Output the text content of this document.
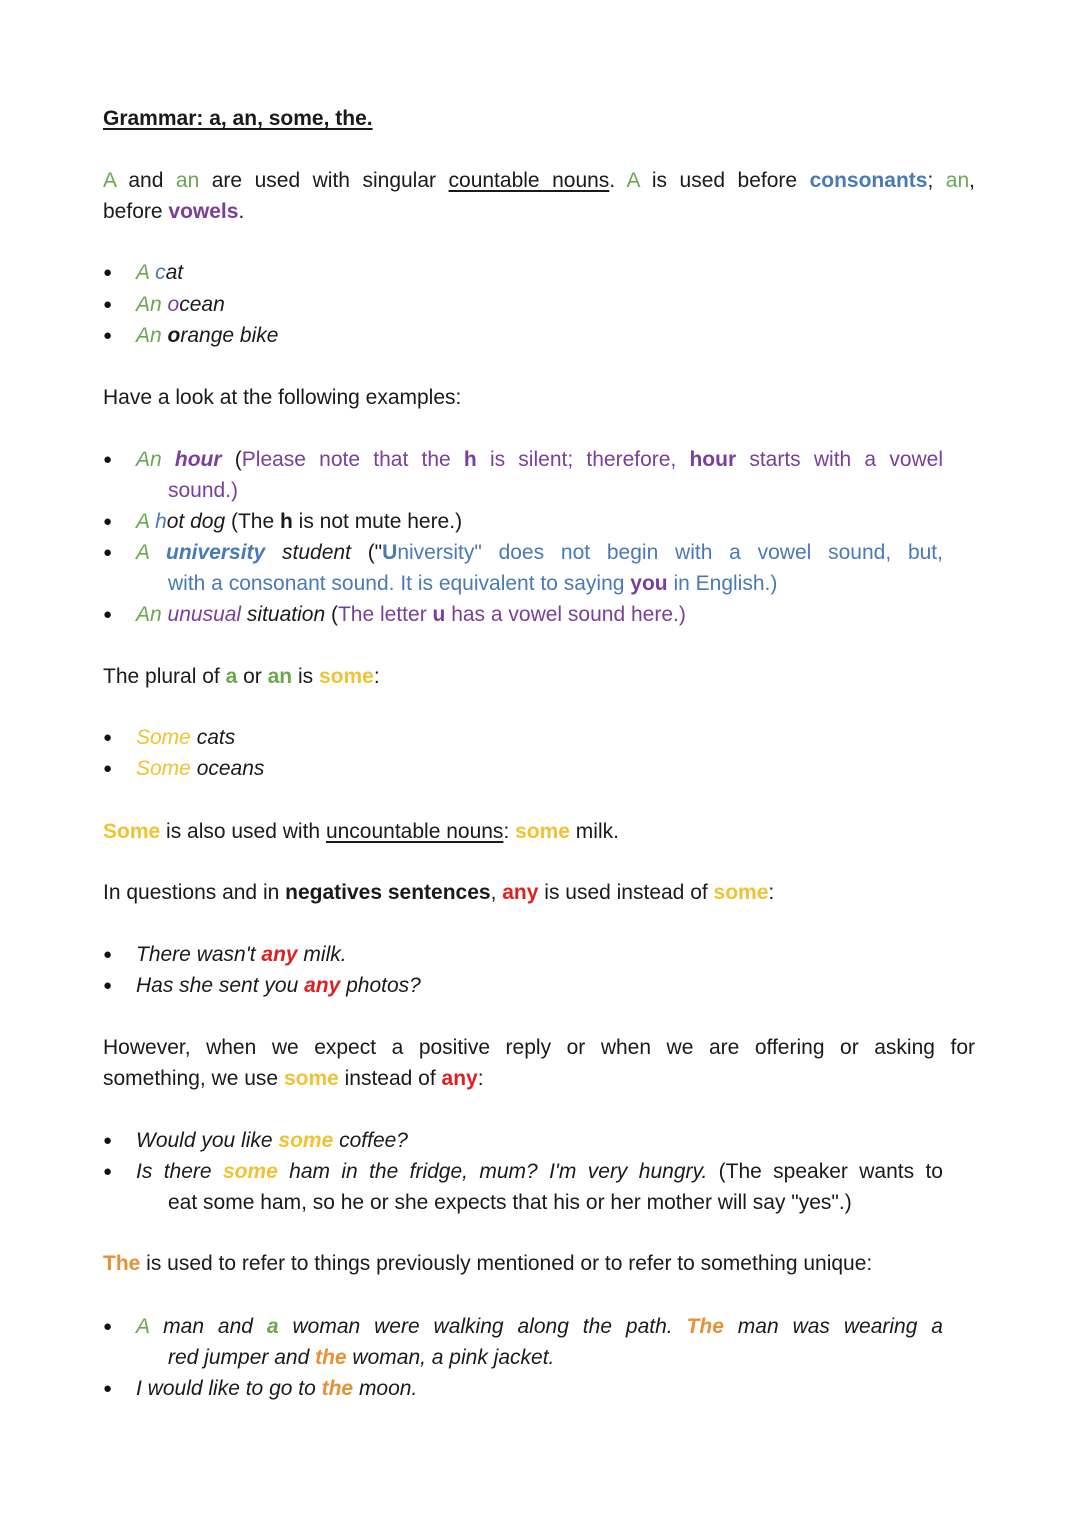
Grammar: a, an, some, the.
A and an are used with singular countable nouns. A is used before consonants; an,
before vowels.
● A cat
● An ocean
● An orange bike
Have a look at the following examples:
● An hour (Please note that the h is silent; therefore, hour starts with a vowel
sound.)
● A hot dog (The h is not mute here.)
● A university student ("University" does not begin with a vowel sound, but,
with a consonant sound. It is equivalent to saying you in English.)
● An unusual situation (The letter u has a vowel sound here.)
The plural of a or an is some:
● Some cats
● Some oceans
Some is also used with uncountable nouns: some milk.
In questions and in negatives sentences, any is used instead of some:
● There wasn't any milk.
● Has she sent you any photos?
However, when we expect a positive reply or when we are offering or asking for
something, we use some instead of any:
● Would you like some coffee?
● Is there some ham in the fridge, mum? I'm very hungry. (The speaker wants to
eat some ham, so he or she expects that his or her mother will say "yes".)
The is used to refer to things previously mentioned or to refer to something unique:
● A man and a woman were walking along the path. The man was wearing a
red jumper and the woman, a pink jacket.
● I would like to go to the moon.
